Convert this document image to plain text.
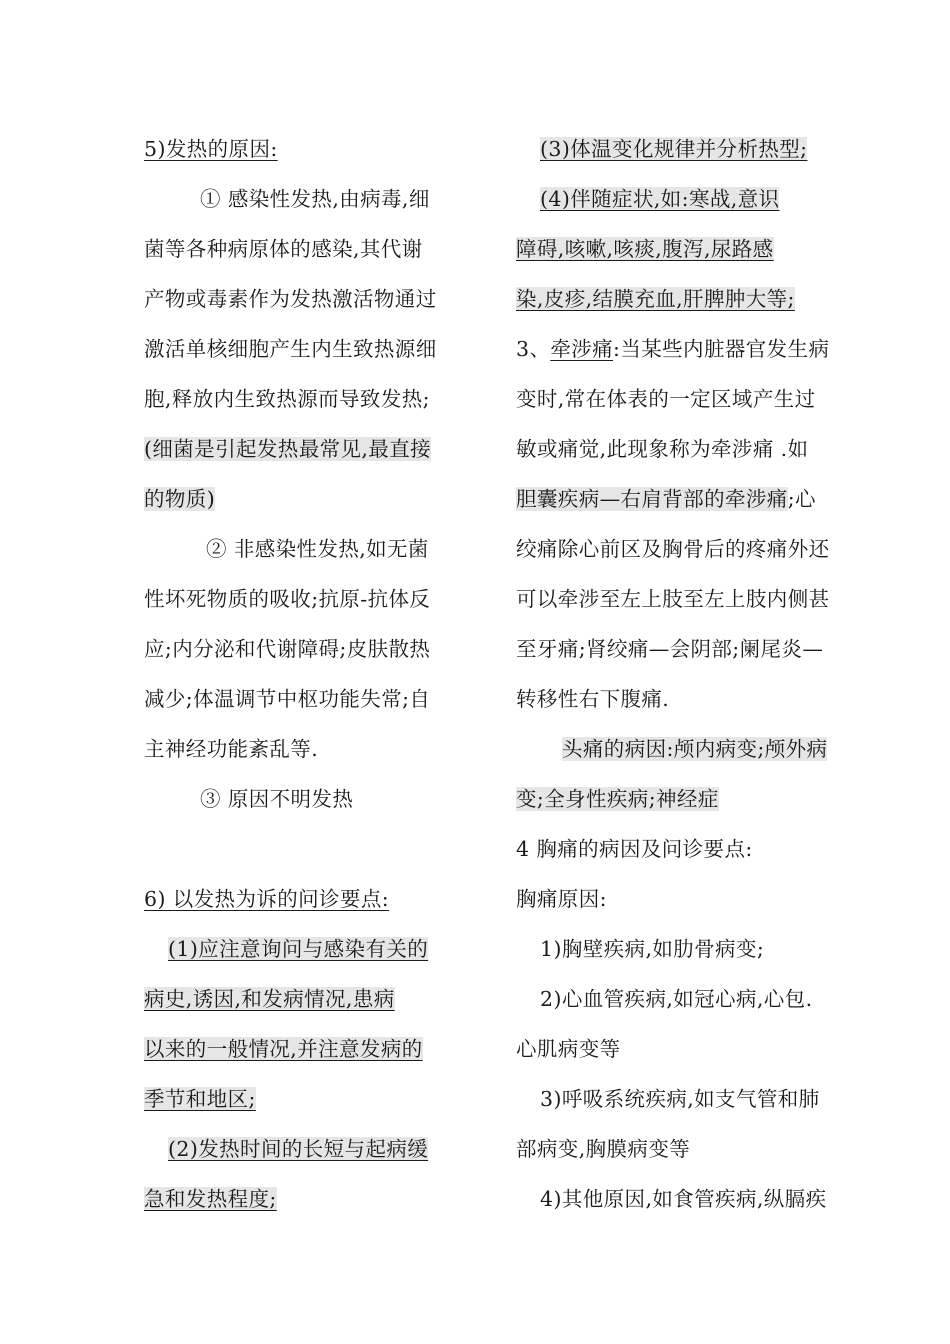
5)发热的原因:
① 感染性发热,由病毒,细
菌等各种病原体的感染,其代谢
产物或毒素作为发热激活物通过
激活单核细胞产生内生致热源细
胞,释放内生致热源而导致发热;
(细菌是引起发热最常见,最直接
的物质)
② 非感染性发热,如无菌
性坏死物质的吸收;抗原-抗体反
应;内分泌和代谢障碍;皮肤散热
减少;体温调节中枢功能失常;自
主神经功能紊乱等.
③ 原因不明发热
6) 以发热为诉的问诊要点:
(1)应注意询问与感染有关的
病史,诱因,和发病情况,患病
以来的一般情况,并注意发病的
季节和地区;
(2)发热时间的长短与起病缓
急和发热程度;
(3)体温变化规律并分析热型;
(4)伴随症状,如:寒战,意识
障碍,咳嗽,咳痰,腹泻,尿路感
染,皮疹,结膜充血,肝脾肿大等;
3、牵涉痛:当某些内脏器官发生病
变时,常在体表的一定区域产生过
敏或痛觉,此现象称为牵涉痛 .如
胆囊疾病—右肩背部的牵涉痛;心
绞痛除心前区及胸骨后的疼痛外还
可以牵涉至左上肢至左上肢内侧甚
至牙痛;肾绞痛—会阴部;阑尾炎—
转移性右下腹痛.
头痛的病因:颅内病变;颅外病
变;全身性疾病;神经症
4 胸痛的病因及问诊要点:
胸痛原因:
1)胸壁疾病,如肋骨病变;
2)心血管疾病,如冠心病,心包.
心肌病变等
3)呼吸系统疾病,如支气管和肺
部病变,胸膜病变等
4)其他原因,如食管疾病,纵膈疾
